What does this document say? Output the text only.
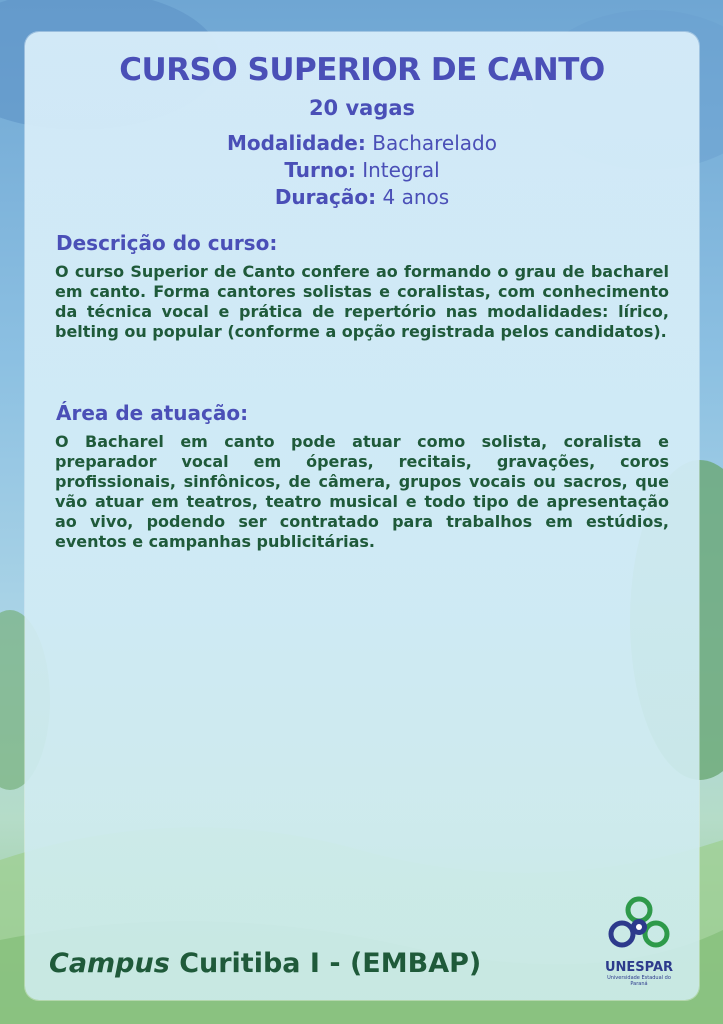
CURSO SUPERIOR DE CANTO
20 vagas
Modalidade: Bacharelado
Turno: Integral
Duração: 4 anos
Descrição do curso:

O curso Superior de Canto confere ao formando o grau de bacharel em canto. Forma cantores solistas e coralistas, com conhecimento da técnica vocal e prática de repertório nas modalidades: lírico, belting ou popular (conforme a opção registrada pelos candidatos).

Área de atuação:

O Bacharel em canto pode atuar como solista, coralista e preparador vocal em óperas, recitais, gravações, coros profissionais, sinfônicos, de câmera, grupos vocais ou sacros, que vão atuar em teatros, teatro musical e todo tipo de apresentação ao vivo, podendo ser contratado para trabalhos em estúdios, eventos e campanhas publicitárias.

Campus Curitiba I - (EMBAP)	UNESPAR
Universidade Estadual do Paraná
